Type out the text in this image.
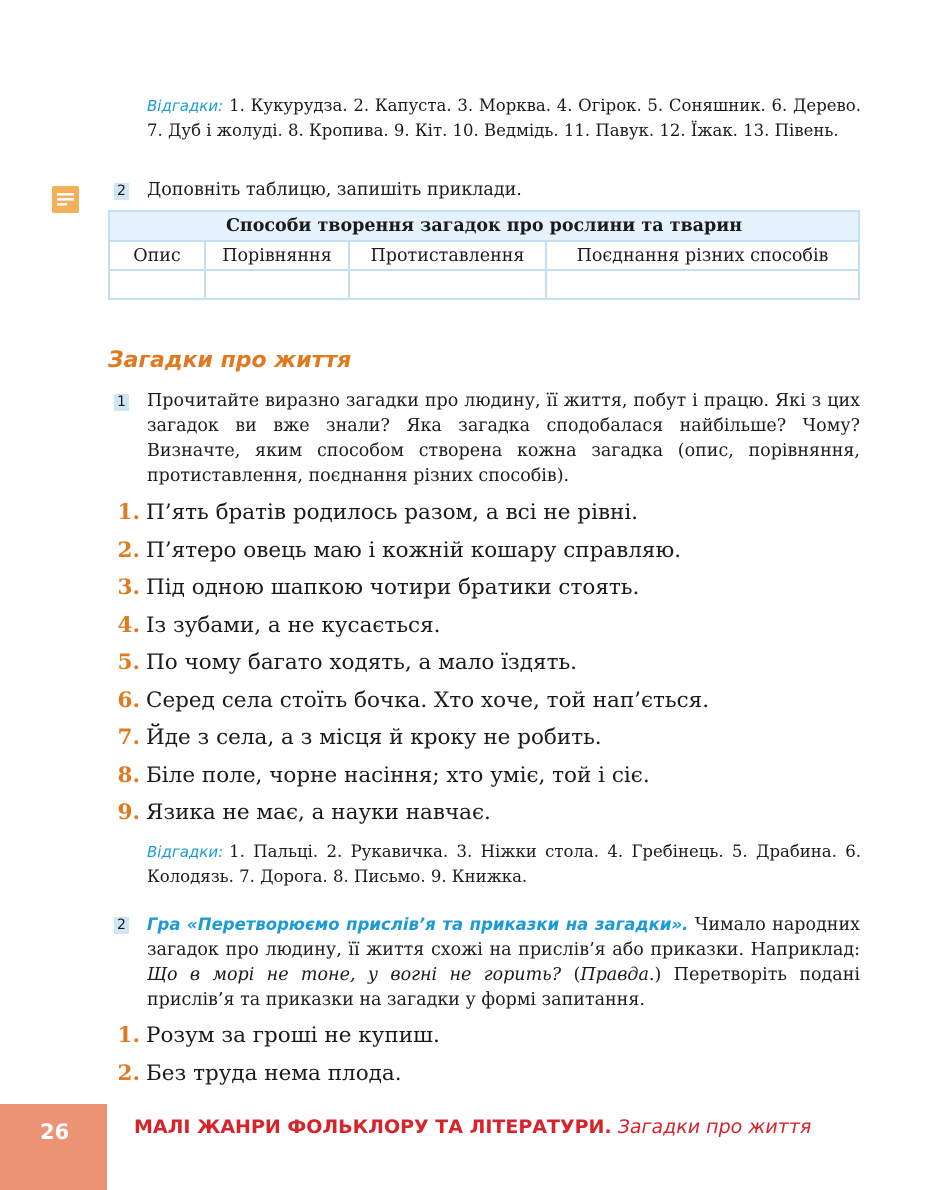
Відгадки: 1. Кукурудза. 2. Капуста. 3. Морква. 4. Огірок. 5. Соняшник. 6. Дерево. 7. Дуб і жолуді. 8. Кропива. 9. Кіт. 10. Ведмідь. 11. Павук. 12. Їжак. 13. Півень.
2 Доповніть таблицю, запишіть приклади.
Способи творення загадок про рослини та тварин			
Опис	Порівняння	Протиставлення	Поєднання різних способів

Загадки про життя
1 Прочитайте виразно загадки про людину, її життя, побут і працю. Які з цих загадок ви вже знали? Яка загадка сподобалася найбільше? Чому? Визначте, яким способом створена кожна загадка (опис, порівняння, протиставлення, поєднання різних способів).
1. П’ять братів родилось разом, а всі не рівні.
2. П’ятеро овець маю і кожній кошару справляю.
3. Під одною шапкою чотири братики стоять.
4. Із зубами, а не кусається.
5. По чому багато ходять, а мало їздять.
6. Серед села стоїть бочка. Хто хоче, той нап’ється.
7. Йде з села, а з місця й кроку не робить.
8. Біле поле, чорне насіння; хто уміє, той і сіє.
9. Язика не має, а науки навчає.
Відгадки: 1. Пальці. 2. Рукавичка. 3. Ніжки стола. 4. Гребінець. 5. Драбина. 6. Колодязь. 7. Дорога. 8. Письмо. 9. Книжка.
2 Гра «Перетворюємо прислів’я та приказки на загадки». Чимало народних загадок про людину, її життя схожі на прислів’я або приказки. Наприклад: Що в морі не тоне, у вогні не горить? (Правда.) Перетворіть подані прислів’я та приказки на загадки у формі запитання.
1. Розум за гроші не купиш.
2. Без труда нема плода.
26	МАЛІ ЖАНРИ ФОЛЬКЛОРУ ТА ЛІТЕРАТУРИ. Загадки про життя
